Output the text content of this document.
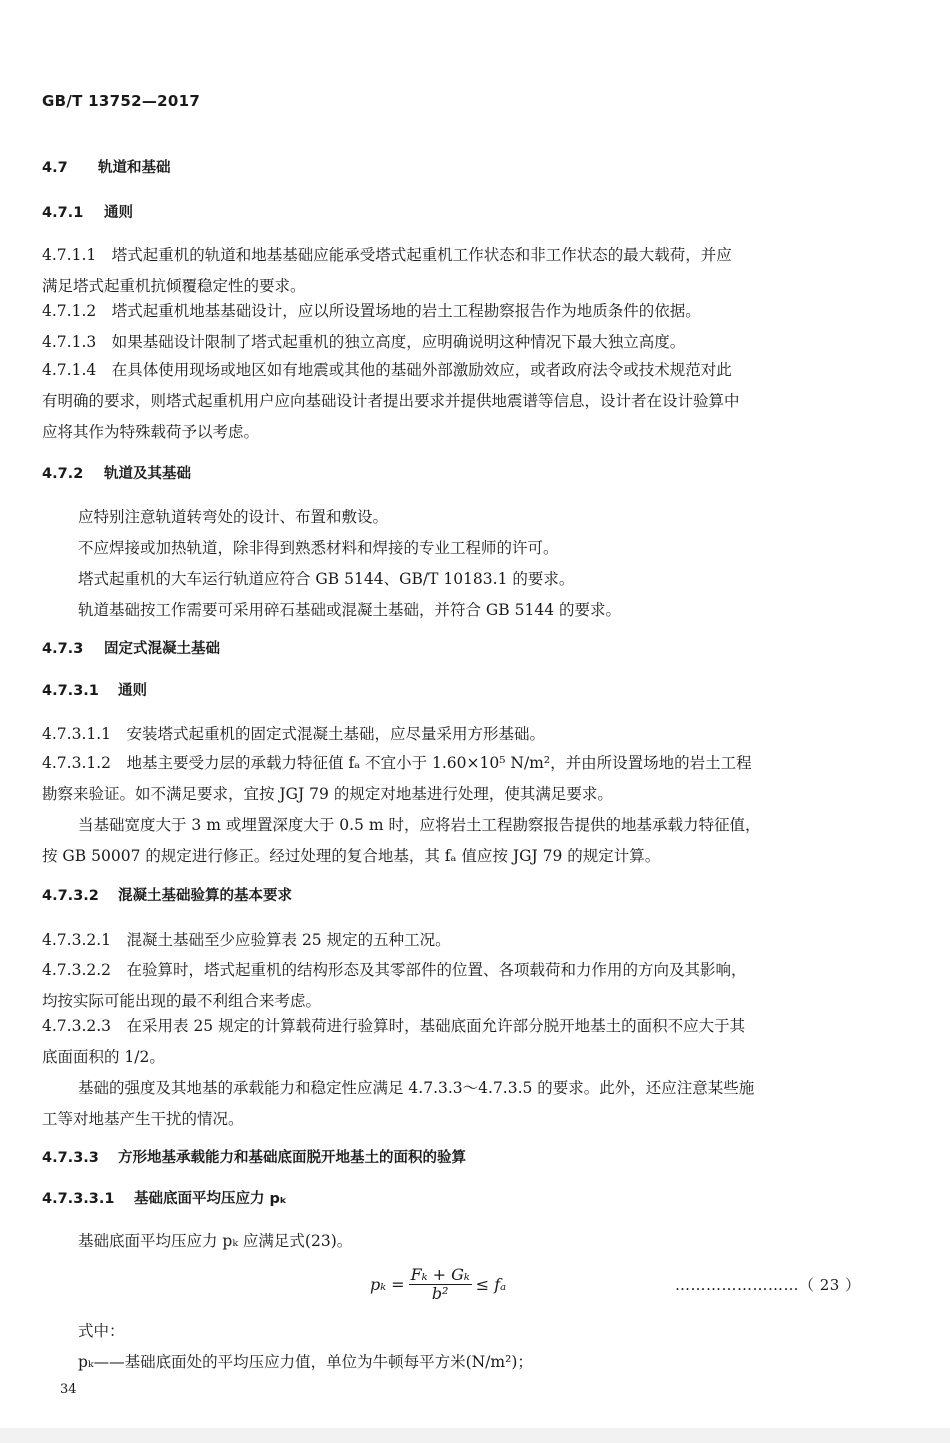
GB/T 13752—2017
4.7 轨道和基础
4.7.1 通则
4.7.1.1　塔式起重机的轨道和地基基础应能承受塔式起重机工作状态和非工作状态的最大载荷，并应
满足塔式起重机抗倾覆稳定性的要求。
4.7.1.2　塔式起重机地基基础设计，应以所设置场地的岩土工程勘察报告作为地质条件的依据。
4.7.1.3　如果基础设计限制了塔式起重机的独立高度，应明确说明这种情况下最大独立高度。
4.7.1.4　在具体使用现场或地区如有地震或其他的基础外部激励效应，或者政府法令或技术规范对此
有明确的要求，则塔式起重机用户应向基础设计者提出要求并提供地震谱等信息，设计者在设计验算中
应将其作为特殊载荷予以考虑。
4.7.2 轨道及其基础
应特别注意轨道转弯处的设计、布置和敷设。
不应焊接或加热轨道，除非得到熟悉材料和焊接的专业工程师的许可。
塔式起重机的大车运行轨道应符合 GB 5144、GB/T 10183.1 的要求。
轨道基础按工作需要可采用碎石基础或混凝土基础，并符合 GB 5144 的要求。
4.7.3 固定式混凝土基础
4.7.3.1 通则
4.7.3.1.1　安装塔式起重机的固定式混凝土基础，应尽量采用方形基础。
4.7.3.1.2　地基主要受力层的承载力特征值 fₐ 不宜小于 1.60×10⁵ N/m²，并由所设置场地的岩土工程
勘察来验证。如不满足要求，宜按 JGJ 79 的规定对地基进行处理，使其满足要求。
当基础宽度大于 3 m 或埋置深度大于 0.5 m 时，应将岩土工程勘察报告提供的地基承载力特征值，
按 GB 50007 的规定进行修正。经过处理的复合地基，其 fₐ 值应按 JGJ 79 的规定计算。
4.7.3.2 混凝土基础验算的基本要求
4.7.3.2.1　混凝土基础至少应验算表 25 规定的五种工况。
4.7.3.2.2　在验算时，塔式起重机的结构形态及其零部件的位置、各项载荷和力作用的方向及其影响，
均按实际可能出现的最不利组合来考虑。
4.7.3.2.3　在采用表 25 规定的计算载荷进行验算时，基础底面允许部分脱开地基土的面积不应大于其
底面面积的 1/2。
基础的强度及其地基的承载能力和稳定性应满足 4.7.3.3～4.7.3.5 的要求。此外，还应注意某些施
工等对地基产生干扰的情况。
4.7.3.3 方形地基承载能力和基础底面脱开地基土的面积的验算
4.7.3.3.1 基础底面平均压应力 pₖ
基础底面平均压应力 pₖ 应满足式(23)。
$p_k = \frac{\text{Fₖ + Gₖ}}{\text{b²}} \le f_a$	……………………（ 23 ）
式中：
pₖ——基础底面处的平均压应力值，单位为牛顿每平方米(N/m²)；
34
